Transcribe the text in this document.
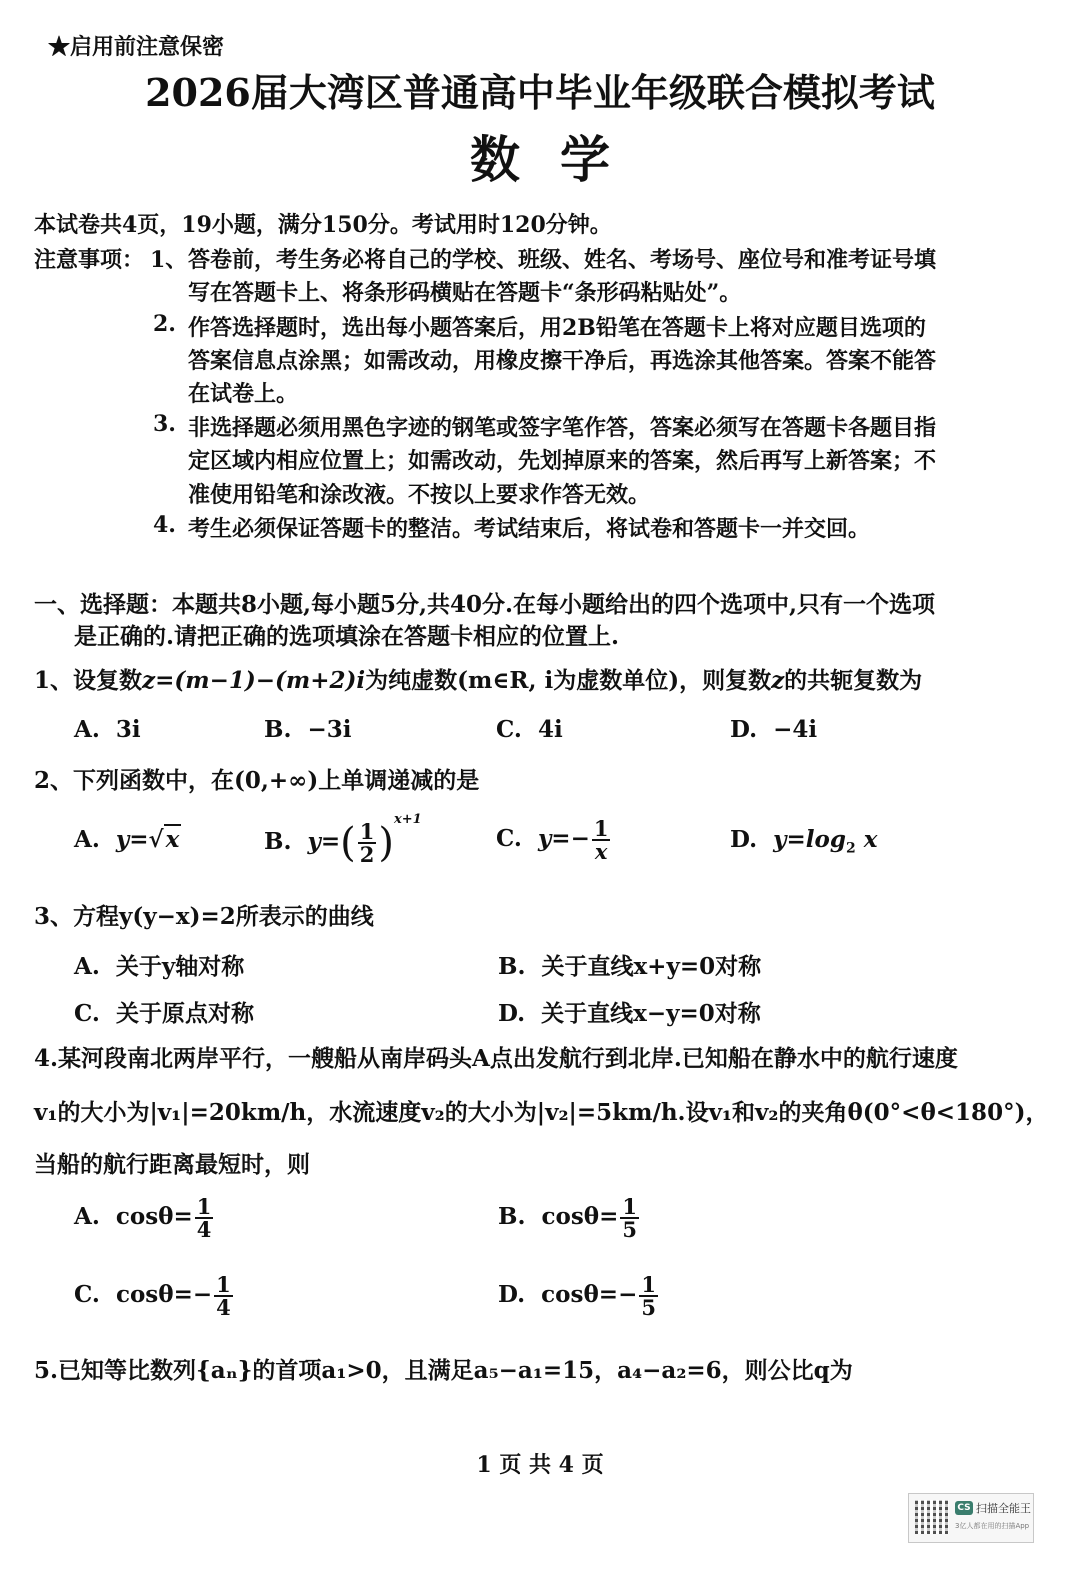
★启用前注意保密
2026届大湾区普通高中毕业年级联合模拟考试
数学
本试卷共4页，19小题，满分150分。考试用时120分钟。
注意事项： 1、 答卷前，考生务必将自己的学校、班级、姓名、考场号、座位号和准考证号填
写在答题卡上、将条形码横贴在答题卡“条形码粘贴处”。
2. 作答选择题时，选出每小题答案后，用2B铅笔在答题卡上将对应题目选项的
答案信息点涂黑；如需改动，用橡皮擦干净后，再选涂其他答案。答案不能答
在试卷上。
3. 非选择题必须用黑色字迹的钢笔或签字笔作答，答案必须写在答题卡各题目指
定区域内相应位置上；如需改动，先划掉原来的答案，然后再写上新答案；不
准使用铅笔和涂改液。不按以上要求作答无效。
4. 考生必须保证答题卡的整洁。考试结束后，将试卷和答题卡一并交回。
一、选择题：本题共8小题,每小题5分,共40分.在每小题给出的四个选项中,只有一个选项
是正确的.请把正确的选项填涂在答题卡相应的位置上.
1、设复数z=(m−1)−(m+2)i为纯虚数(m∈R, i为虚数单位)，则复数z的共轭复数为
A. 3i	B. −3i	C. 4i	D. −4i
2、下列函数中，在(0,+∞)上单调递减的是
A. y=√x	B. $y=( \frac{1}{2} )^{x+1}$
C. $y=- \frac{1}{x}$	D. $y=\log_2$ x
3、方程y(y−x)=2所表示的曲线
A. 关于y轴对称	B. 关于直线x+y=0对称
C. 关于原点对称	D. 关于直线x−y=0对称
4.某河段南北两岸平行，一艘船从南岸码头A点出发航行到北岸.已知船在静水中的航行速度
v₁的大小为|v₁|=20km/h，水流速度v₂的大小为|v₂|=5km/h.设v₁和v₂的夹角θ(0°<θ<180°)，
当船的航行距离最短时，则
A. $\cos\theta= \frac{1}{4}$	B. $\cos\theta= \frac{1}{5}$
C. $\cos\theta=- \frac{1}{4}$	D. $\cos\theta=- \frac{1}{5}$
5.已知等比数列{aₙ}的首项a₁>0，且满足a₅−a₁=15，a₄−a₂=6，则公比q为
1 页 共 4 页
CS 扫描全能王
3亿人都在用的扫描App
